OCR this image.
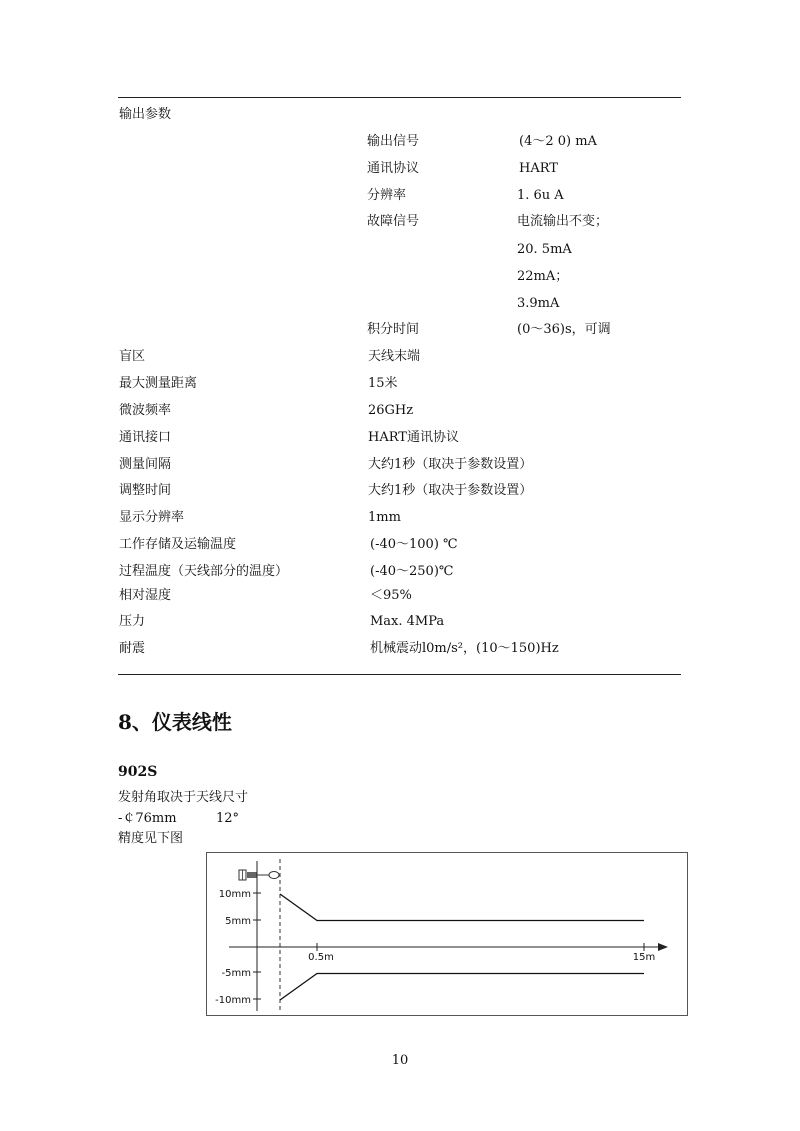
输出参数
输出信号	(4～2 0) mA
通讯协议	HART
分辨率	1. 6u A
故障信号	电流输出不变；
20. 5mA
22mA；
3.9mA
积分时间	(0～36)s，可调
盲区	天线末端
最大测量距离	15米
微波频率	26GHz
通讯接口	HART通讯协议
测量间隔	大约1秒（取决于参数设置）
调整时间	大约1秒（取决于参数设置）
显示分辨率	1mm
工作存储及运输温度	(-40～100) ℃
过程温度（天线部分的温度）	(-40～250)℃
相对湿度	＜95%
压力	Max. 4MPa
耐震	机械震动l0m/s²，(10～150)Hz
8、仪表线性
902S
发射角取决于天线尺寸
-￠76mm	12°
精度见下图
10mm
5mm
-5mm
-10mm
0.5m	15m
10
